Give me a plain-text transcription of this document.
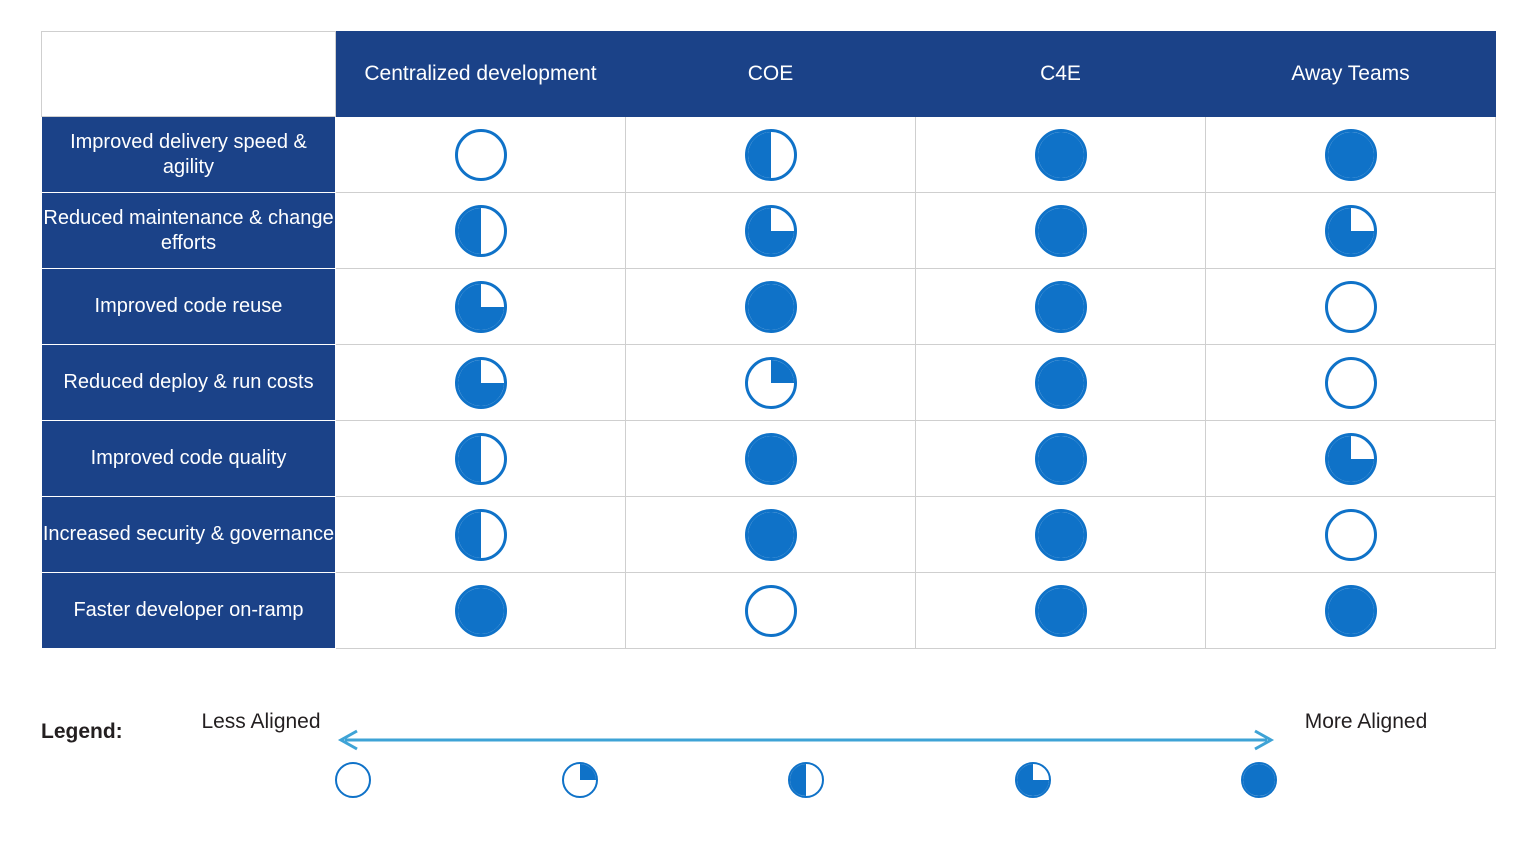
	Centralized development	COE	C4E	Away Teams
Improved delivery speed & agility	

Reduced maintenance & change efforts	

Improved code reuse	

Reduced deploy & run costs	

Improved code quality	

Increased security & governance	

Faster developer on-ramp	

Legend:	Less Aligned	More Aligned
